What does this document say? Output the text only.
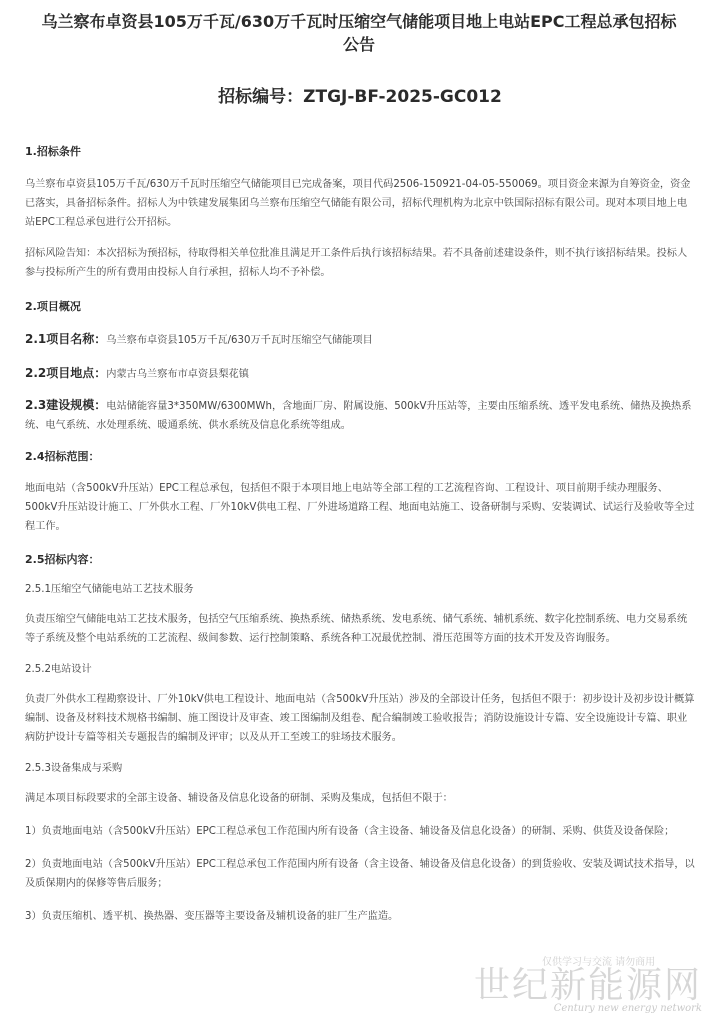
乌兰察布卓资县105万千瓦/630万千瓦时压缩空气储能项目地上电站EPC工程总承包招标公告
招标编号：ZTGJ-BF-2025-GC012
1.招标条件

乌兰察布卓资县105万千瓦/630万千瓦时压缩空气储能项目已完成备案，项目代码2506-150921-04-05-550069。项目资金来源为自筹资金，资金已落实，具备招标条件。招标人为中铁建发展集团乌兰察布压缩空气储能有限公司，招标代理机构为北京中铁国际招标有限公司。现对本项目地上电站EPC工程总承包进行公开招标。

招标风险告知：本次招标为预招标，待取得相关单位批准且满足开工条件后执行该招标结果。若不具备前述建设条件，则不执行该招标结果。投标人参与投标所产生的所有费用由投标人自行承担，招标人均不予补偿。

2.项目概况

2.1项目名称：乌兰察布卓资县105万千瓦/630万千瓦时压缩空气储能项目

2.2项目地点：内蒙古乌兰察布市卓资县梨花镇

2.3建设规模：电站储能容量3*350MW/6300MWh，含地面厂房、附属设施、500kV升压站等，主要由压缩系统、透平发电系统、储热及换热系统、电气系统、水处理系统、暖通系统、供水系统及信息化系统等组成。

2.4招标范围：

地面电站（含500kV升压站）EPC工程总承包，包括但不限于本项目地上电站等全部工程的工艺流程咨询、工程设计、项目前期手续办理服务、500kV升压站设计施工、厂外供水工程、厂外10kV供电工程、厂外进场道路工程、地面电站施工、设备研制与采购、安装调试、试运行及验收等全过程工作。

2.5招标内容：

2.5.1压缩空气储能电站工艺技术服务

负责压缩空气储能电站工艺技术服务，包括空气压缩系统、换热系统、储热系统、发电系统、储气系统、辅机系统、数字化控制系统、电力交易系统等子系统及整个电站系统的工艺流程、级间参数、运行控制策略、系统各种工况最优控制、滑压范围等方面的技术开发及咨询服务。

2.5.2电站设计

负责厂外供水工程勘察设计、厂外10kV供电工程设计、地面电站（含500kV升压站）涉及的全部设计任务，包括但不限于：初步设计及初步设计概算编制、设备及材料技术规格书编制、施工图设计及审查、竣工图编制及组卷、配合编制竣工验收报告；消防设施设计专篇、安全设施设计专篇、职业病防护设计专篇等相关专题报告的编制及评审；以及从开工至竣工的驻场技术服务。

2.5.3设备集成与采购

满足本项目标段要求的全部主设备、辅设备及信息化设备的研制、采购及集成，包括但不限于：

1）负责地面电站（含500kV升压站）EPC工程总承包工作范围内所有设备（含主设备、辅设备及信息化设备）的研制、采购、供货及设备保险；

2）负责地面电站（含500kV升压站）EPC工程总承包工作范围内所有设备（含主设备、辅设备及信息化设备）的到货验收、安装及调试技术指导，以及质保期内的保修等售后服务；

3）负责压缩机、透平机、换热器、变压器等主要设备及辅机设备的驻厂生产监造。

仅供学习与交流 请勿商用
世纪新能源网
Century new energy network
